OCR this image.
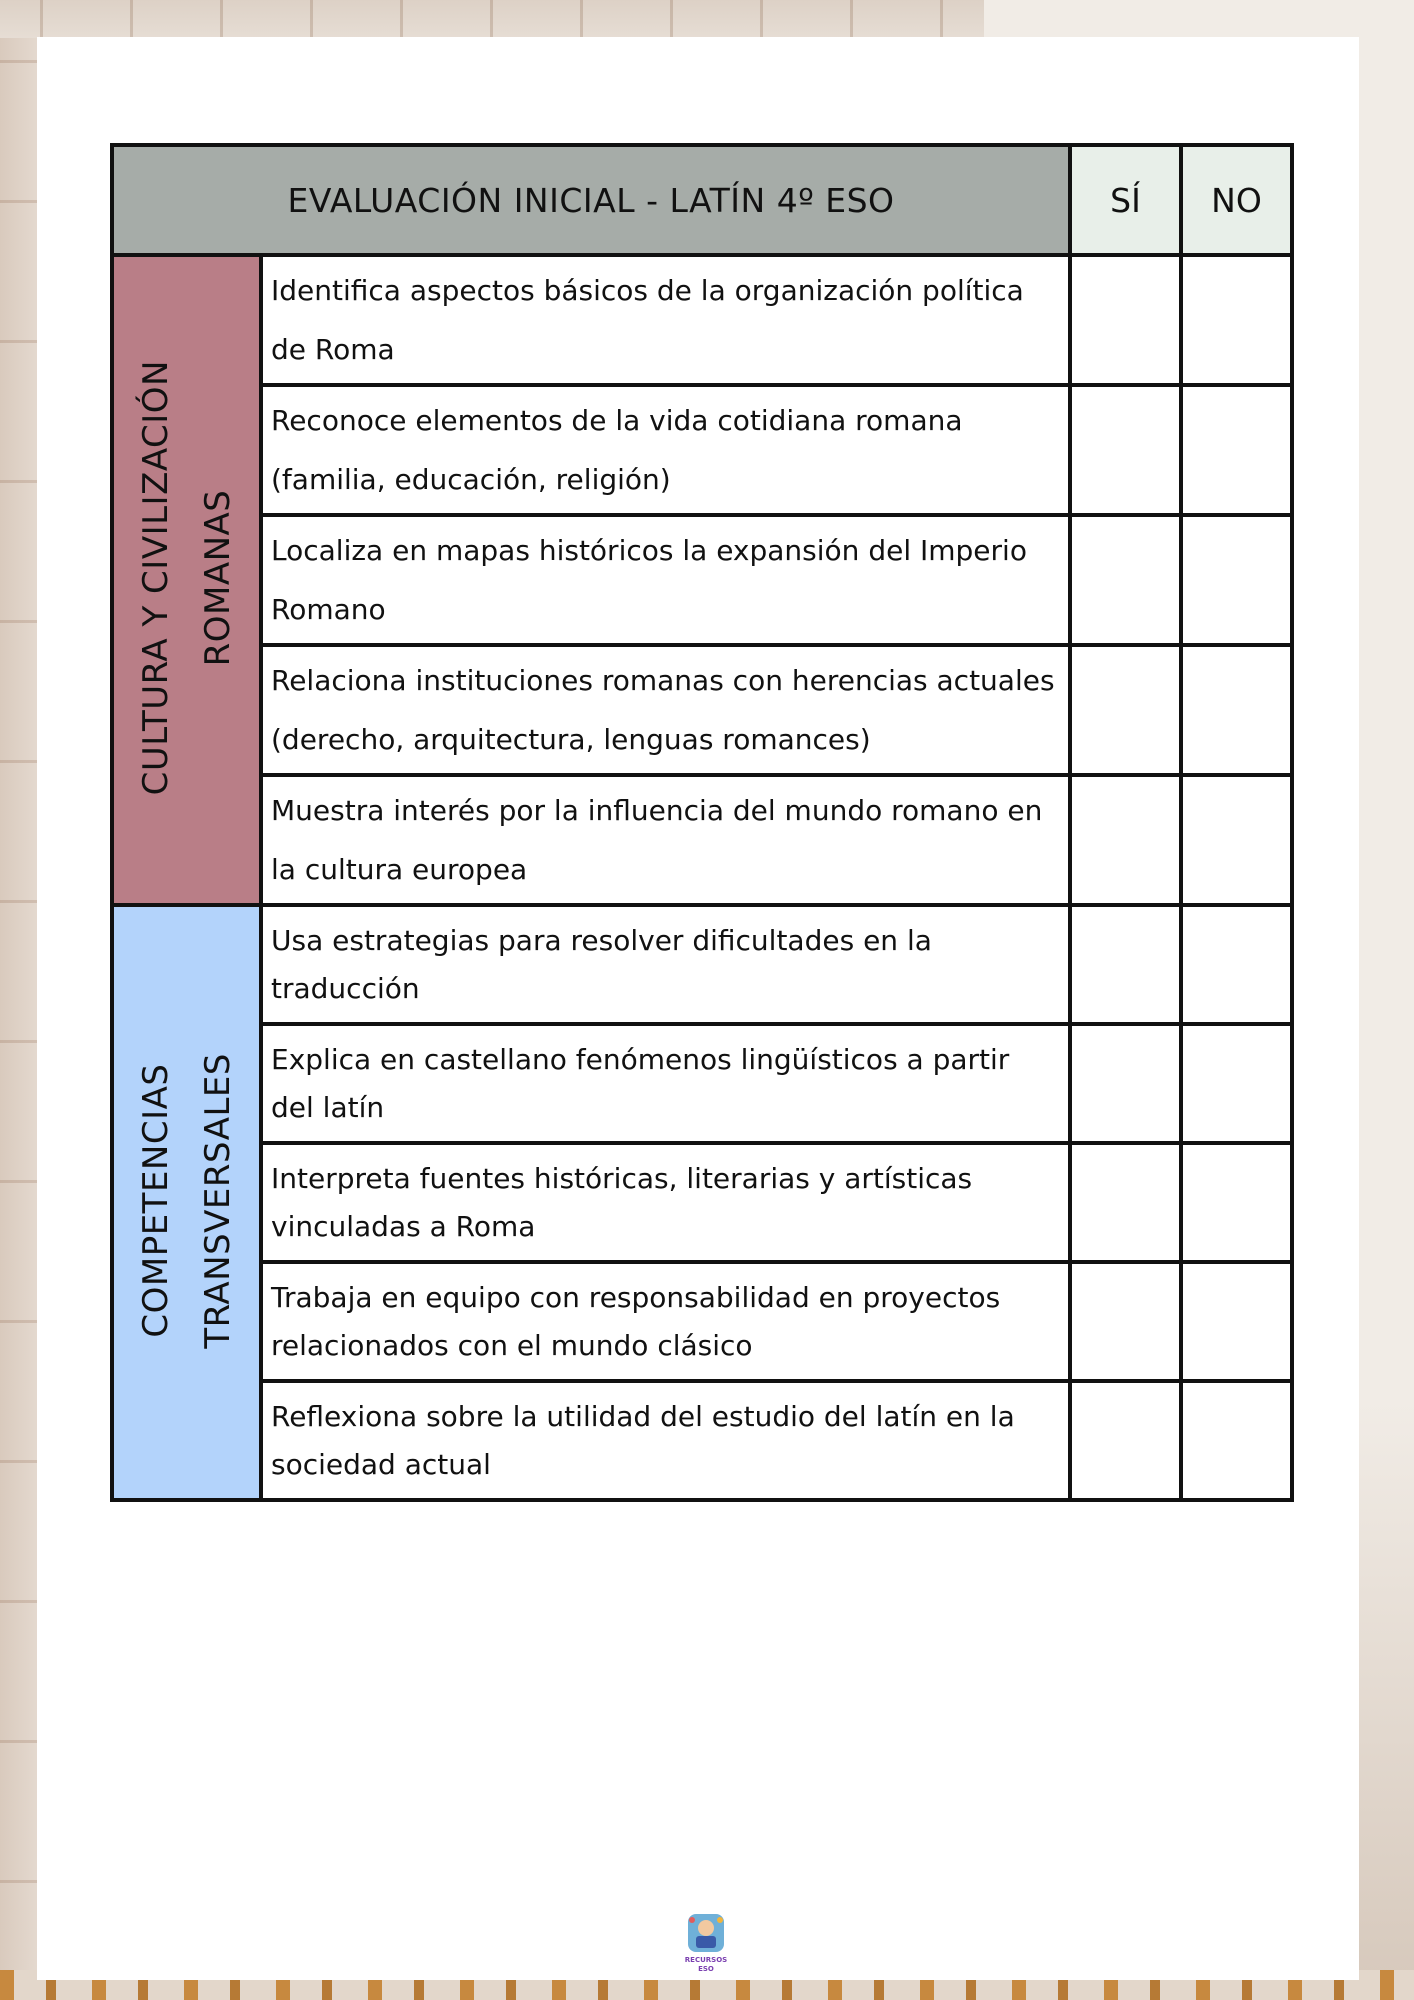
EVALUACIÓN INICIAL - LATÍN 4º ESO		SÍ	NO
CULTURA Y CIVILIZACIÓN
ROMANAS	Identifica aspectos básicos de la organización política de Roma		
	Reconoce elementos de la vida cotidiana romana (familia, educación, religión)		
	Localiza en mapas históricos la expansión del Imperio Romano		
	Relaciona instituciones romanas con herencias actuales (derecho, arquitectura, lenguas romances)		
	Muestra interés por la influencia del mundo romano en la cultura europea		
COMPETENCIAS
TRANSVERSALES	Usa estrategias para resolver dificultades en la traducción		
	Explica en castellano fenómenos lingüísticos a partir del latín		
	Interpreta fuentes históricas, literarias y artísticas vinculadas a Roma		
	Trabaja en equipo con responsabilidad en proyectos relacionados con el mundo clásico		
	Reflexiona sobre la utilidad del estudio del latín en la sociedad actual		
RECURSOS
ESO
